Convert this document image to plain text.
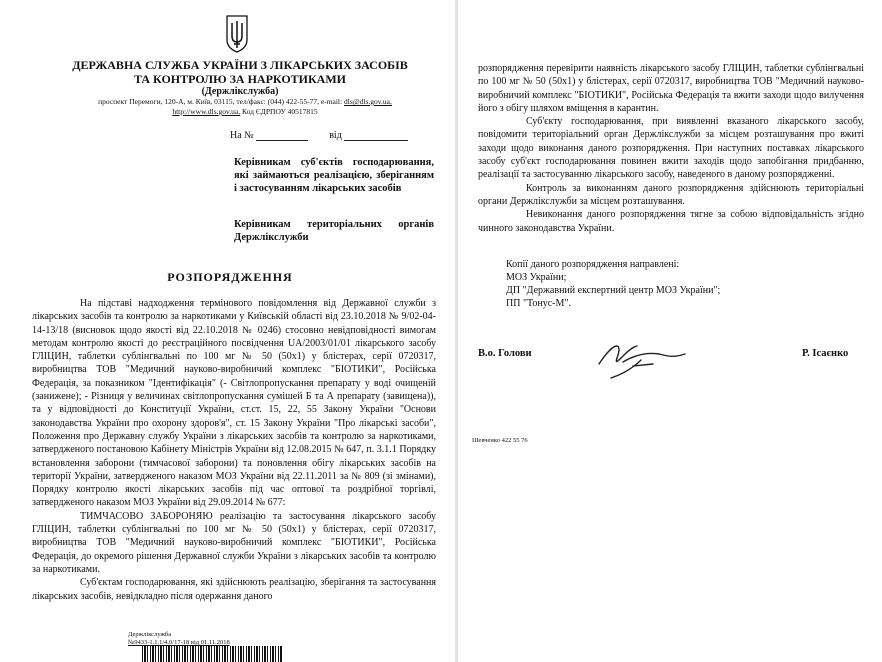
ДЕРЖАВНА СЛУЖБА УКРАЇНИ З ЛІКАРСЬКИХ ЗАСОБІВ
ТА КОНТРОЛЮ ЗА НАРКОТИКАМИ
(Держлікслужба)
проспект Перемоги, 120-А, м. Київ, 03115, тел/факс: (044) 422-55-77, e-mail: dls@dls.gov.ua,
http://www.dls.gov.ua, Код ЄДРПОУ 40517815
На №	від
Керівникам суб'єктів господарювання, які займаються реалізацією, зберіганням і застосуванням лікарських засобів
Керівникам територіальних органів Держлікслужби
РОЗПОРЯДЖЕННЯ

На підставі надходження термінового повідомлення від Державної служби з лікарських засобів та контролю за наркотиками у Київській області від 23.10.2018 № 9/02-04-14-13/18 (висновок щодо якості від 22.10.2018 № 0246) стосовно невідповідності вимогам методам контролю якості до реєстраційного посвідчення UA/2003/01/01 лікарського засобу ГЛІЦИН, таблетки сублінгвальні по 100 мг № 50 (50x1) у блістерах, серії 0720317, виробництва ТОВ "Медичний науково-виробничий комплекс "БІОТИКИ", Російська Федерація, за показником "Ідентифікація" (- Світлопропускання препарату у воді очищеній (занижене); - Різниця у величинах світлопропускання сумішей Б та А препарату (завищена)), та у відповідності до Конституції України, ст.ст. 15, 22, 55 Закону України "Основи законодавства України про охорону здоров'я", ст. 15 Закону України "Про лікарські засоби", Положення про Державну службу України з лікарських засобів та контролю за наркотиками, затвердженого постановою Кабінету Міністрів України від 12.08.2015 № 647, п. 3.1.1 Порядку встановлення заборони (тимчасової заборони) та поновлення обігу лікарських засобів на території України, затвердженого наказом МОЗ України від 22.11.2011 за № 809 (зі змінами), Порядку контролю якості лікарських засобів під час оптової та роздрібної торгівлі, затвердженого наказом МОЗ України від 29.09.2014 № 677:

ТИМЧАСОВО ЗАБОРОНЯЮ реалізацію та застосування лікарського засобу ГЛІЦИН, таблетки сублінгвальні по 100 мг № 50 (50x1) у блістерах, серії 0720317, виробництва ТОВ "Медичний науково-виробничий комплекс "БІОТИКИ", Російська Федерація, до окремого рішення Державної служби України з лікарських засобів та контролю за наркотиками.

Суб'єктам господарювання, які здійснюють реалізацію, зберігання та застосування лікарських засобів, невідкладно після одержання даного

Держлікслужба
№9433-1.1.1/4.0/17-18 від 01.11.2018

розпорядження перевірити наявність лікарського засобу ГЛІЦИН, таблетки сублінгвальні по 100 мг № 50 (50x1) у блістерах, серії 0720317, виробництва ТОВ "Медичний науково-виробничий комплекс "БІОТИКИ", Російська Федерація та вжити заходи щодо вилучення його з обігу шляхом вміщення в карантин.

Суб'єкту господарювання, при виявленні вказаного лікарського засобу, повідомити територіальний орган Держлікслужби за місцем розташування про вжиті заходи щодо виконання даного розпорядження. При наступних поставках лікарського засобу суб'єкт господарювання повинен вжити заходів щодо запобігання придбанню, реалізації та застосуванню лікарського засобу, наведеного в даному розпорядженні.

Контроль за виконанням даного розпорядження здійснюють територіальні органи Держлікслужби за місцем розташування.

Невиконання даного розпорядження тягне за собою відповідальність згідно чинного законодавства України.

Копії даного розпорядження направлені:
МОЗ України;
ДП "Державний експертний центр МОЗ України";
ПП "Тонус-М".
В.о. Голови	Р. Ісаєнко
Шевченко 422 55 76
